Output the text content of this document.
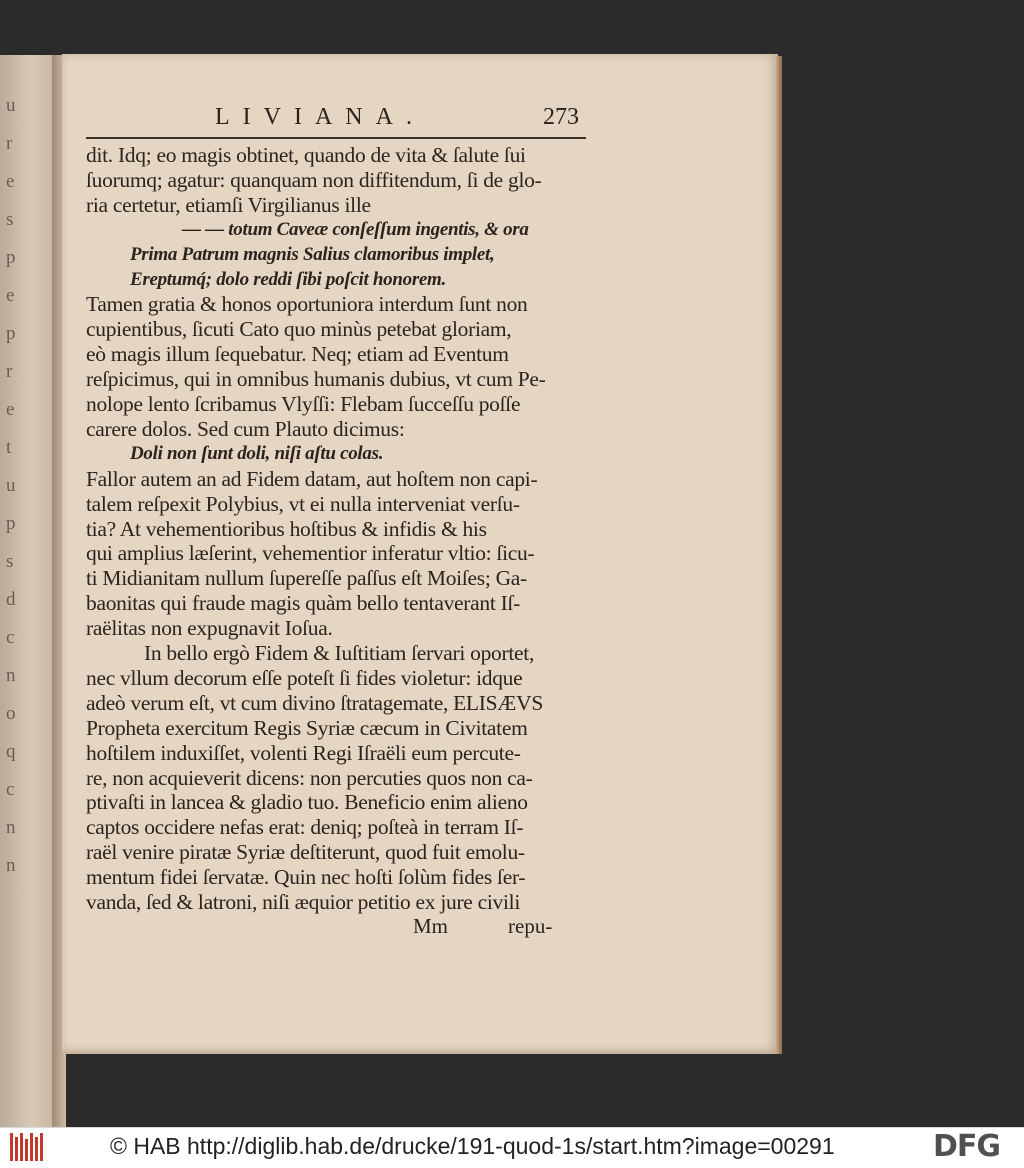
u
r
e
s
p
e
p
r
e
t
u
p
s
d
c
n
o
q
c
n
n
LIVIANA.	273
dit. Idq; eo magis obtinet, quando de vita & ſalute ſui
ſuorumq; agatur: quanquam non diffitendum, ſi de glo-
ria certetur, etiamſi Virgilianus ille
— — totum Caveæ conſeſſum ingentis, & ora
Prima Patrum magnis Salius clamoribus implet,
Ereptumq́; dolo reddi ſibi poſcit honorem.
Tamen gratia & honos oportuniora interdum ſunt non
cupientibus, ſicuti Cato quo minùs petebat gloriam,
eò magis illum ſequebatur. Neq; etiam ad Eventum
reſpicimus, qui in omnibus humanis dubius, vt cum Pe-
nolope lento ſcribamus Vlyſſi: Flebam ſucceſſu poſſe
carere dolos. Sed cum Plauto dicimus:
Doli non ſunt doli, niſi aſtu colas.
Fallor autem an ad Fidem datam, aut hoſtem non capi-
talem reſpexit Polybius, vt ei nulla interveniat verſu-
tia? At vehementioribus hoſtibus & infidis & his
qui amplius læſerint, vehementior inferatur vltio: ſicu-
ti Midianitam nullum ſupereſſe paſſus eſt Moiſes; Ga-
baonitas qui fraude magis quàm bello tentaverant Iſ-
raëlitas non expugnavit Ioſua.
In bello ergò Fidem & Iuſtitiam ſervari oportet,
nec vllum decorum eſſe poteſt ſi fides violetur: idque
adeò verum eſt, vt cum divino ſtratagemate, ELISÆVS
Propheta exercitum Regis Syriæ cæcum in Civitatem
hoſtilem induxiſſet, volenti Regi Iſraëli eum percute-
re, non acquieverit dicens: non percuties quos non ca-
ptivaſti in lancea & gladio tuo. Beneficio enim alieno
captos occidere nefas erat: deniq; poſteà in terram Iſ-
raël venire piratæ Syriæ deſtiterunt, quod fuit emolu-
mentum fidei ſervatæ. Quin nec hoſti ſolùm fides ſer-
vanda, ſed & latroni, niſi æquior petitio ex jure civili
Mm	repu-
© HAB http://diglib.hab.de/drucke/191-quod-1s/start.htm?image=00291	DFG
